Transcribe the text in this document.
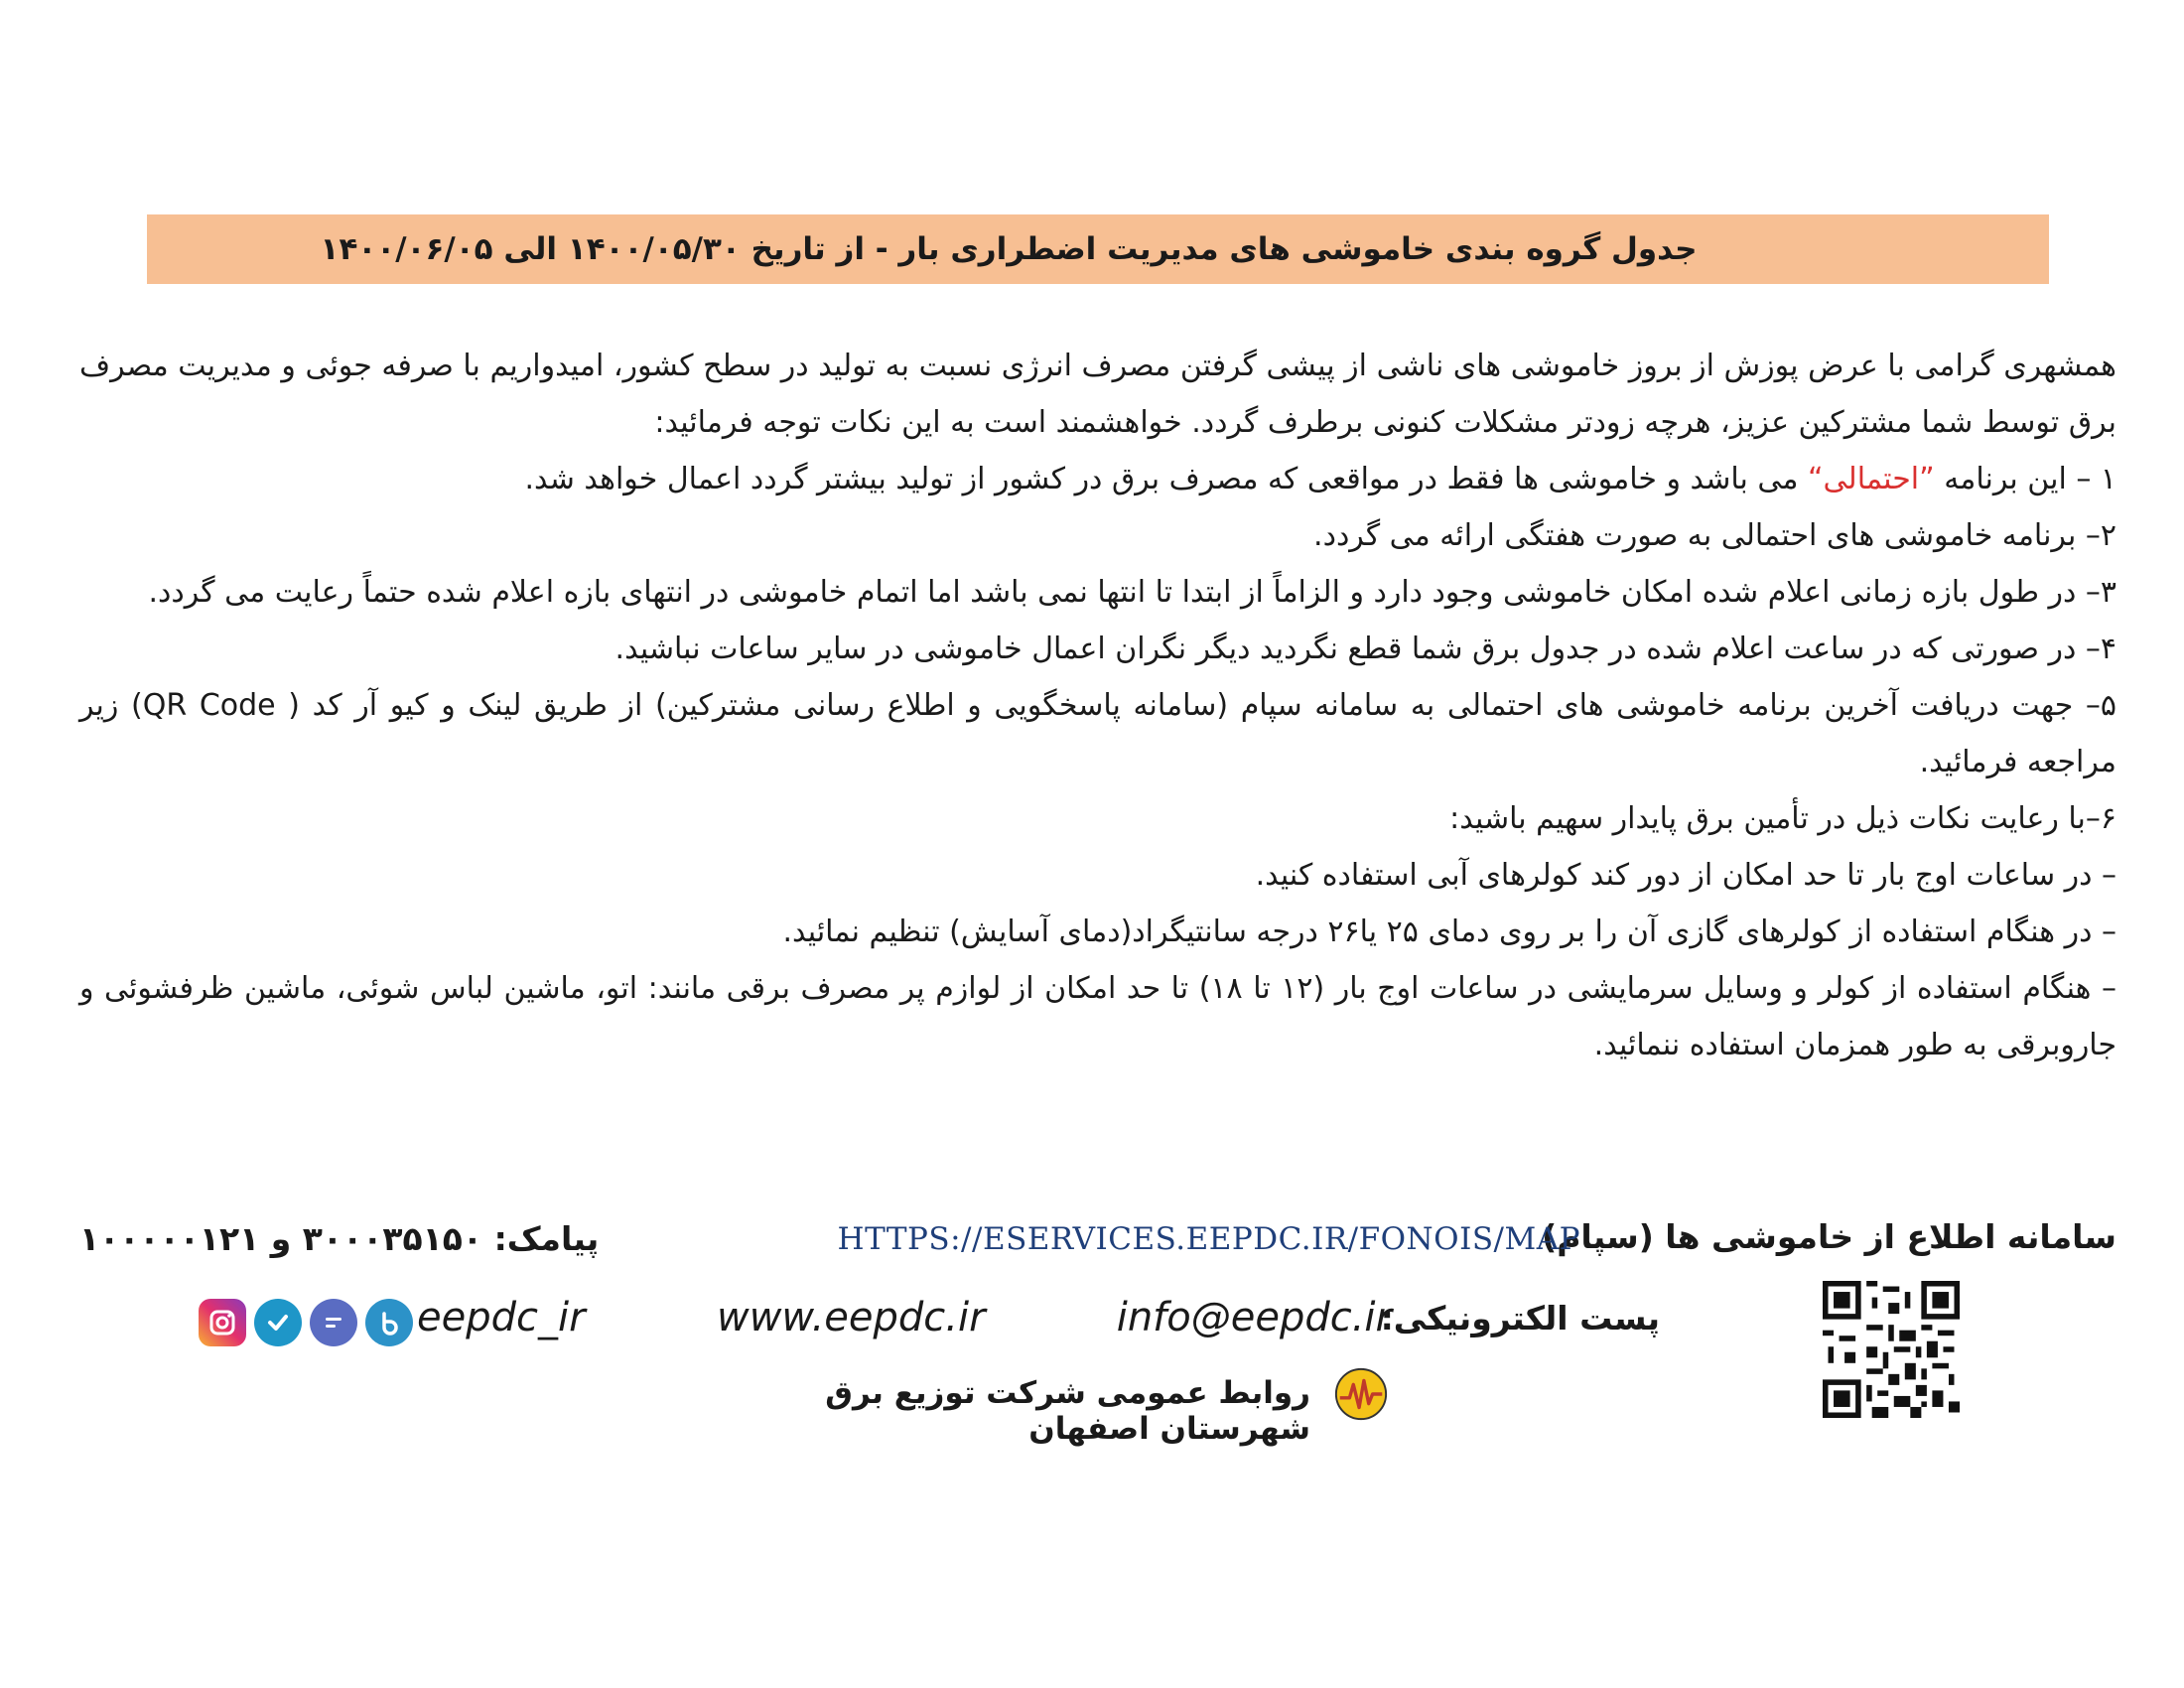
جدول گروه بندی خاموشی های مدیریت اضطراری بار - از تاریخ ۱۴۰۰/۰۵/۳۰ الی ۱۴۰۰/۰۶/۰۵

همشهری گرامی با عرض پوزش از بروز خاموشی های ناشی از پیشی گرفتن مصرف انرژی نسبت به تولید در سطح کشور، امیدواریم با صرفه جوئی و مدیریت مصرف برق توسط شما مشترکین عزیز، هرچه زودتر مشکلات کنونی برطرف گردد. خواهشمند است به این نکات توجه فرمائید:

۱ – این برنامه ”احتمالی“ می باشد و خاموشی ها فقط در مواقعی که مصرف برق در کشور از تولید بیشتر گردد اعمال خواهد شد.

۲– برنامه خاموشی های احتمالی به صورت هفتگی ارائه می گردد.

۳– در طول بازه زمانی اعلام شده امکان خاموشی وجود دارد و الزاماً از ابتدا تا انتها نمی باشد اما اتمام خاموشی در انتهای بازه اعلام شده حتماً رعایت می گردد.

۴– در صورتی که در ساعت اعلام شده در جدول برق شما قطع نگردید دیگر نگران اعمال خاموشی در سایر ساعات نباشید.

۵– جهت دریافت آخرین برنامه خاموشی های احتمالی به سامانه سپام (سامانه پاسخگویی و اطلاع رسانی مشترکین) از طریق لینک و کیو آر کد ( QR Code) زیر مراجعه فرمائید.

۶–با رعایت نکات ذیل در تأمین برق پایدار سهیم باشید:

– در ساعات اوج بار تا حد امکان از دور کند کولرهای آبی استفاده کنید.

– در هنگام استفاده از کولرهای گازی آن را بر روی دمای ۲۵ یا۲۶ درجه سانتیگراد(دمای آسایش) تنظیم نمائید.

– هنگام استفاده از کولر و وسایل سرمایشی در ساعات اوج بار (۱۲ تا ۱۸) تا حد امکان از لوازم پر مصرف برقی مانند: اتو، ماشین لباس شوئی، ماشین ظرفشوئی و جاروبرقی به طور همزمان استفاده ننمائید.

سامانه اطلاع از خاموشی ها (سپام)
HTTPS://ESERVICES.EEPDC.IR/FONOIS/MAP
پیامک: ۳۰۰۰۳۵۱۵۰ و ۱۰۰۰۰۰۱۲۱
پست الکترونیکی:
info@eepdc.ir
www.eepdc.ir
eepdc_ir
روابط عمومی شرکت توزیع برق شهرستان اصفهان
